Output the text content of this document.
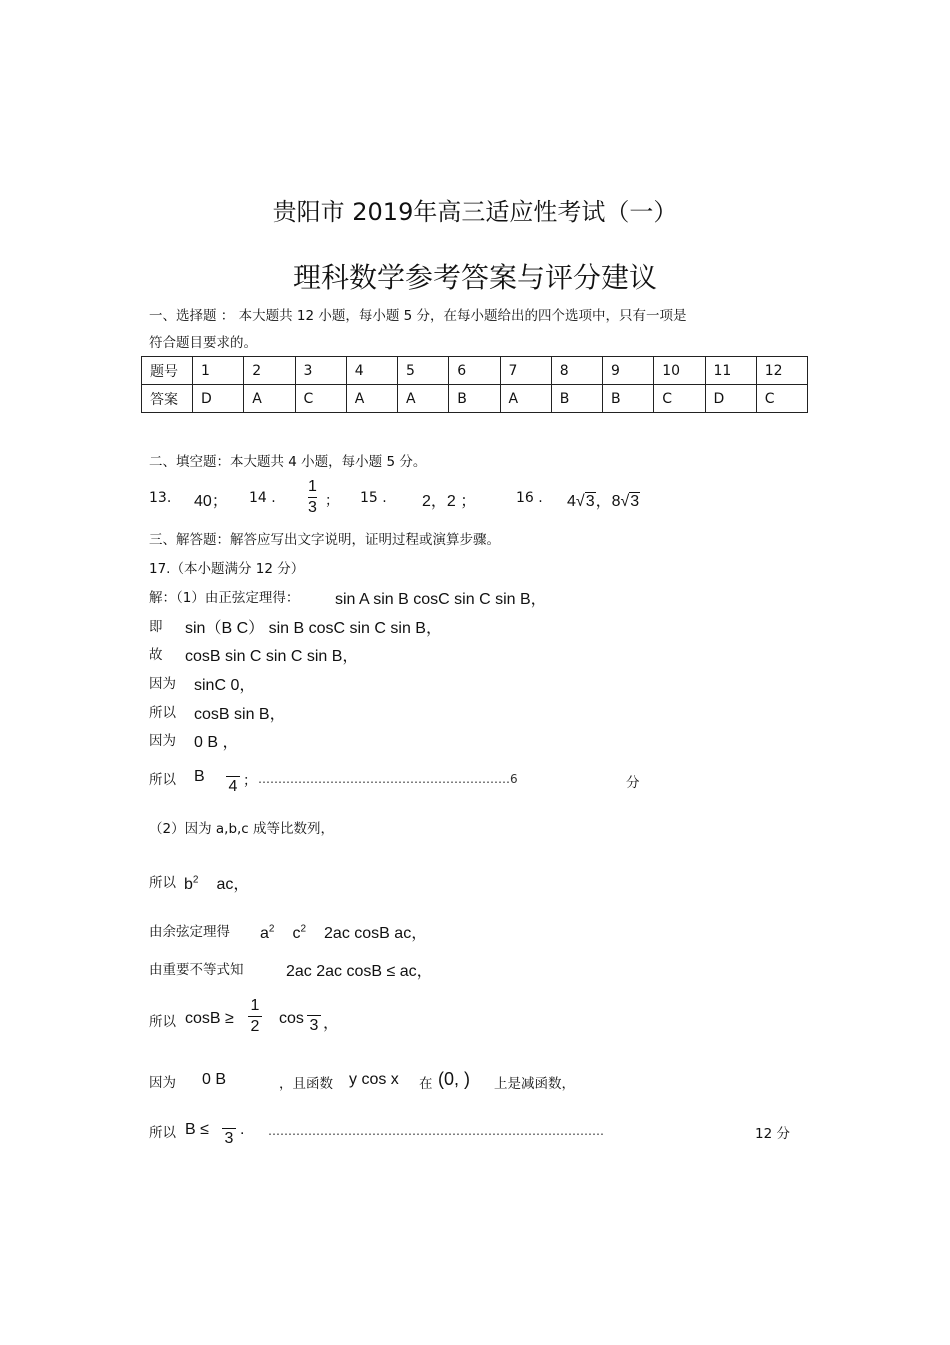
贵阳市 2019年高三适应性考试（一）
理科数学参考答案与评分建议
一、选择题 ： 本大题共 12 小题，每小题 5 分，在每小题给出的四个选项中，只有一项是
符合题目要求的。
题号	1	2	3	4	5	6	7	8	9	10	11	12
答案	D	A	C	A	A	B	A	B	B	C	D	C
二、填空题：本大题共 4 小题，每小题 5 分。
13. 40； 14 .
1
3 ； 15 . 2，2 ；	16 . 4√3，8√3
三、解答题：解答应写出文字说明，证明过程或演算步骤。
17.（本小题满分 12 分）
解：（1）由正弦定理得： sin A sin B cosC sin C sin B，
即 sin（B C） sin B cosC sin C sin B，
故 cosB sin C sin C sin B，
因为 sinC 0，
所以 cosB sin B，
因为 0 B ，
所以 B
4 ； ………………………………………………………6	分
（2）因为 a,b,c 成等比数列，
所以 $b^2$ ac，
由余弦定理得 $a^2$ $c^2$ 2ac cosB ac，
由重要不等式知	2ac 2ac cosB ≤ ac，
所以 cosB ≥
1
2 cos 3 ，
因为 0 B	，且函数 y cos x 在 (0, ) 上是减函数，
所以 B ≤
3
. …………………………………………………………………………	12 分
